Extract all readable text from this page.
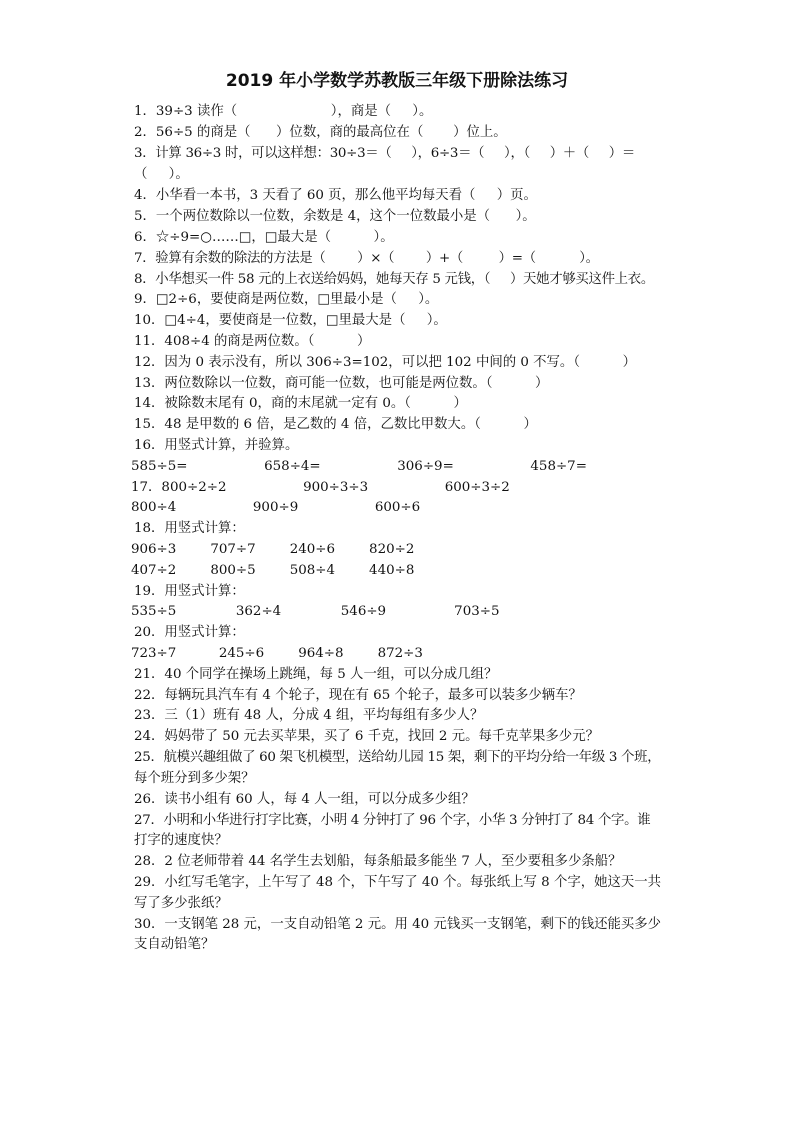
2019 年小学数学苏教版三年级下册除法练习
1．39÷3 读作（                      ），商是（     ）。
2．56÷5 的商是（      ）位数，商的最高位在（       ）位上。
3．计算 36÷3 时，可以这样想：30÷3＝（     ），6÷3＝（     ），（     ）＋（     ）＝
（     ）。
4．小华看一本书，3 天看了 60 页，那么他平均每天看（     ）页。
5．一个两位数除以一位数，余数是 4，这个一位数最小是（      ）。
6．☆÷9=○……□，□最大是（          ）。
7．验算有余数的除法的方法是（        ）×（        ）+（         ）=（           ）。
8．小华想买一件 58 元的上衣送给妈妈，她每天存 5 元钱，（     ）天她才够买这件上衣。
9．□2÷6，要使商是两位数，□里最小是（     ）。
10．□4÷4，要使商是一位数，□里最大是（     ）。
11．408÷4 的商是两位数。（          ）
12．因为 0 表示没有，所以 306÷3=102，可以把 102 中间的 0 不写。（          ）
13．两位数除以一位数，商可能一位数，也可能是两位数。（          ）
14．被除数末尾有 0，商的末尾就一定有 0。（          ）
15．48 是甲数的 6 倍，是乙数的 4 倍，乙数比甲数大。（          ）
16．用竖式计算，并验算。
585÷5=                  658÷4=                  306÷9=                  458÷7=
17．800÷2÷2                  900÷3÷3                  600÷3÷2
800÷4                  900÷9                  600÷6
18．用竖式计算：
906÷3        707÷7        240÷6        820÷2
407÷2        800÷5        508÷4        440÷8
19．用竖式计算：
535÷5              362÷4              546÷9                703÷5
20．用竖式计算：
723÷7          245÷6        964÷8        872÷3
21．40 个同学在操场上跳绳，每 5 人一组，可以分成几组？
22．每辆玩具汽车有 4 个轮子，现在有 65 个轮子，最多可以装多少辆车？
23．三（1）班有 48 人，分成 4 组，平均每组有多少人？
24．妈妈带了 50 元去买苹果，买了 6 千克，找回 2 元。每千克苹果多少元？
25．航模兴趣组做了 60 架飞机模型，送给幼儿园 15 架，剩下的平均分给一年级 3 个班，
每个班分到多少架？
26．读书小组有 60 人，每 4 人一组，可以分成多少组？
27．小明和小华进行打字比赛，小明 4 分钟打了 96 个字，小华 3 分钟打了 84 个字。谁
打字的速度快？
28．2 位老师带着 44 名学生去划船，每条船最多能坐 7 人，至少要租多少条船？
29．小红写毛笔字，上午写了 48 个，下午写了 40 个。每张纸上写 8 个字，她这天一共
写了多少张纸？
30．一支钢笔 28 元，一支自动铅笔 2 元。用 40 元钱买一支钢笔，剩下的钱还能买多少
支自动铅笔？
